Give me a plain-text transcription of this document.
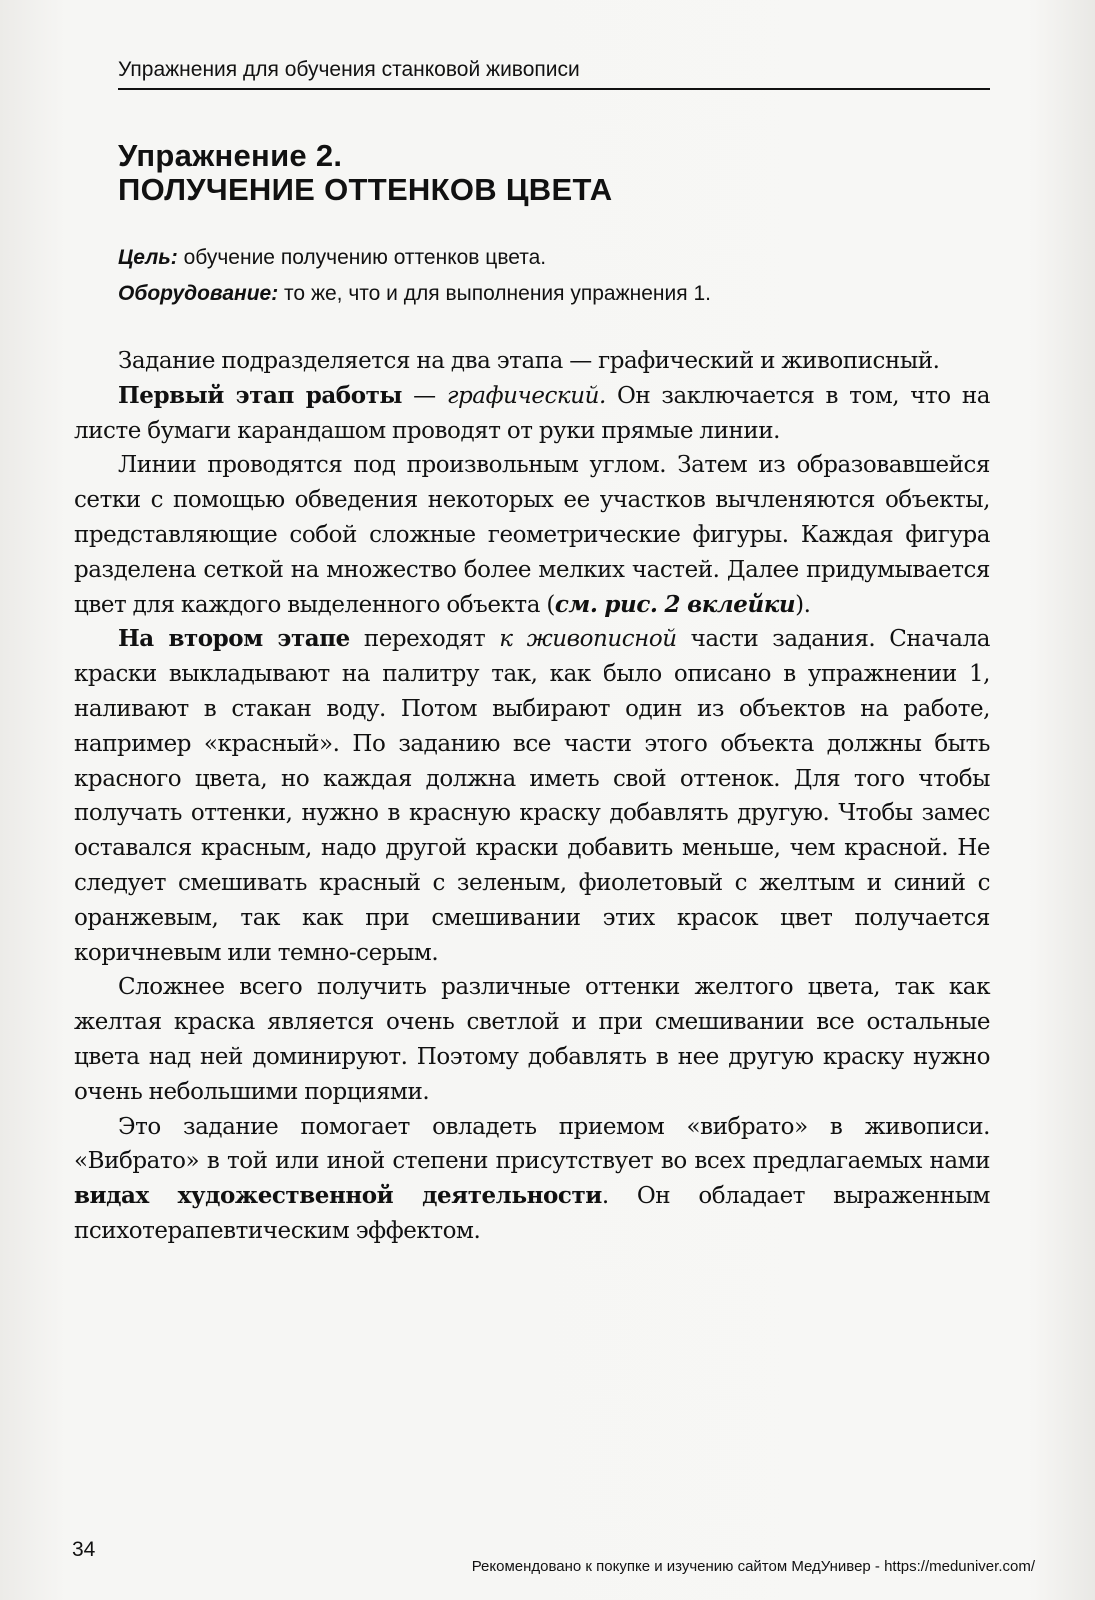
Упражнения для обучения станковой живописи
Упражнение 2.
ПОЛУЧЕНИЕ ОТТЕНКОВ ЦВЕТА
Цель: обучение получению оттенков цвета.
Оборудование: то же, что и для выполнения упражнения 1.

Задание подразделяется на два этапа — графический и живописный.

Первый этап работы — графический. Он заключается в том, что на листе бумаги карандашом проводят от руки прямые линии.

Линии проводятся под произвольным углом. Затем из образовавшейся сетки с помощью обведения некоторых ее участков вычленяются объекты, представляющие собой сложные геометрические фигуры. Каждая фигура разделена сеткой на множество более мелких частей. Далее придумывается цвет для каждого выделенного объекта (см. рис. 2 вклейки).

На втором этапе переходят к живописной части задания. Сначала краски выкладывают на палитру так, как было описано в упражнении 1, наливают в стакан воду. Потом выбирают один из объектов на работе, например «красный». По заданию все части этого объекта должны быть красного цвета, но каждая должна иметь свой оттенок. Для того чтобы получать оттенки, нужно в красную краску добавлять другую. Чтобы замес оставался красным, надо другой краски добавить меньше, чем красной. Не следует смешивать красный с зеленым, фиолетовый с желтым и синий с оранжевым, так как при смешивании этих красок цвет получается коричневым или темно-серым.

Сложнее всего получить различные оттенки желтого цвета, так как желтая краска является очень светлой и при смешивании все остальные цвета над ней доминируют. Поэтому добавлять в нее другую краску нужно очень небольшими порциями.

Это задание помогает овладеть приемом «вибрато» в живописи. «Вибрато» в той или иной степени присутствует во всех предлагаемых нами видах художественной деятельности. Он обладает выраженным психотерапевтическим эффектом.

34
Рекомендовано к покупке и изучению сайтом МедУнивер - https://meduniver.com/
